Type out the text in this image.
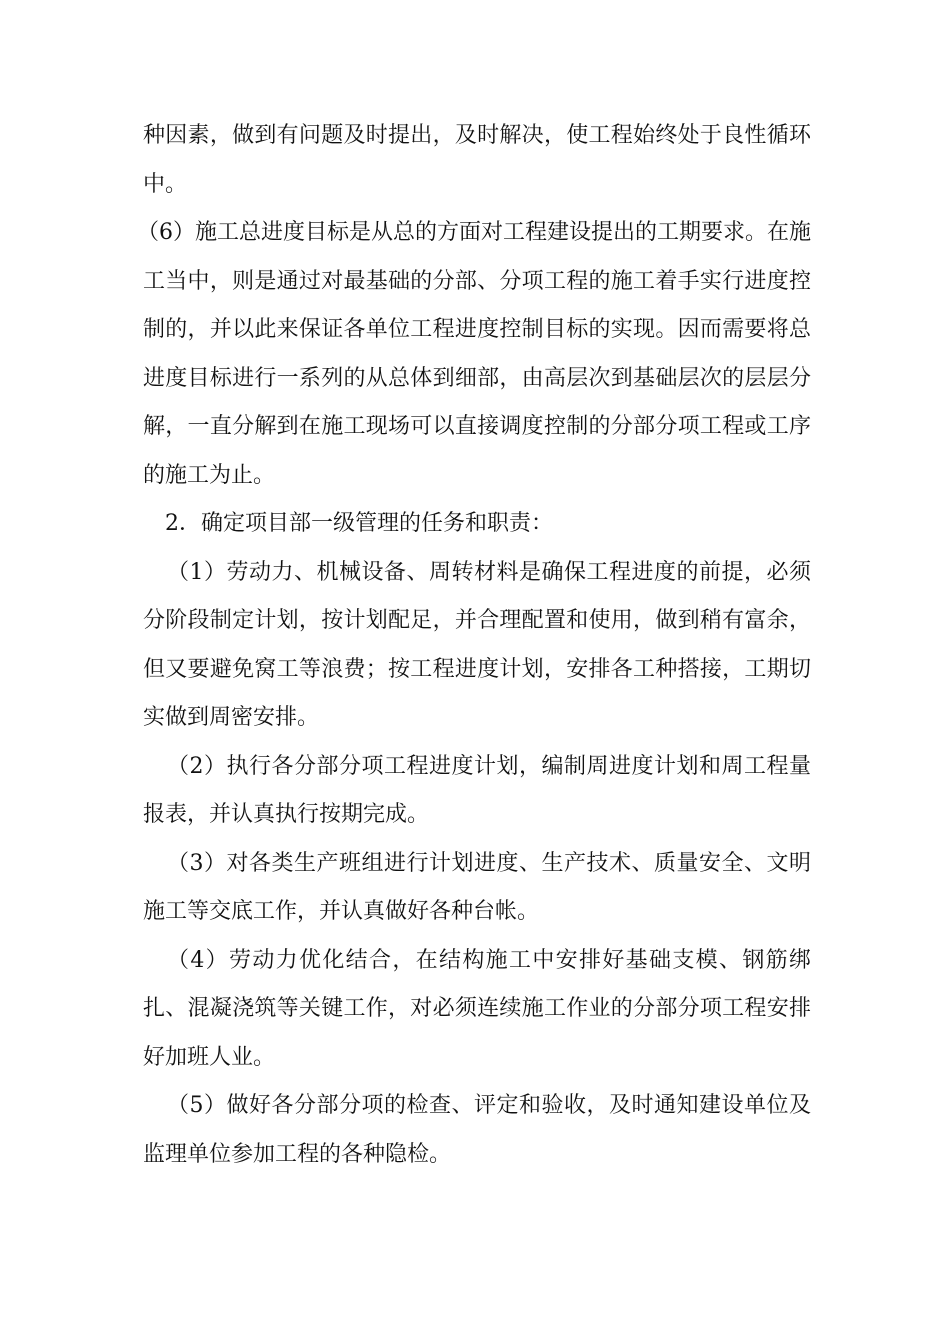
种因素，做到有问题及时提出，及时解决，使工程始终处于良性循环中。

（6）施工总进度目标是从总的方面对工程建设提出的工期要求。在施工当中，则是通过对最基础的分部、分项工程的施工着手实行进度控制的，并以此来保证各单位工程进度控制目标的实现。因而需要将总进度目标进行一系列的从总体到细部，由高层次到基础层次的层层分解，一直分解到在施工现场可以直接调度控制的分部分项工程或工序的施工为止。

2．确定项目部一级管理的任务和职责：

（1）劳动力、机械设备、周转材料是确保工程进度的前提，必须分阶段制定计划，按计划配足，并合理配置和使用，做到稍有富余，但又要避免窝工等浪费；按工程进度计划，安排各工种搭接，工期切实做到周密安排。

（2）执行各分部分项工程进度计划，编制周进度计划和周工程量报表，并认真执行按期完成。

（3）对各类生产班组进行计划进度、生产技术、质量安全、文明施工等交底工作，并认真做好各种台帐。

（4）劳动力优化结合，在结构施工中安排好基础支模、钢筋绑扎、混凝浇筑等关键工作，对必须连续施工作业的分部分项工程安排好加班人业。

（5）做好各分部分项的检查、评定和验收，及时通知建设单位及监理单位参加工程的各种隐检。
